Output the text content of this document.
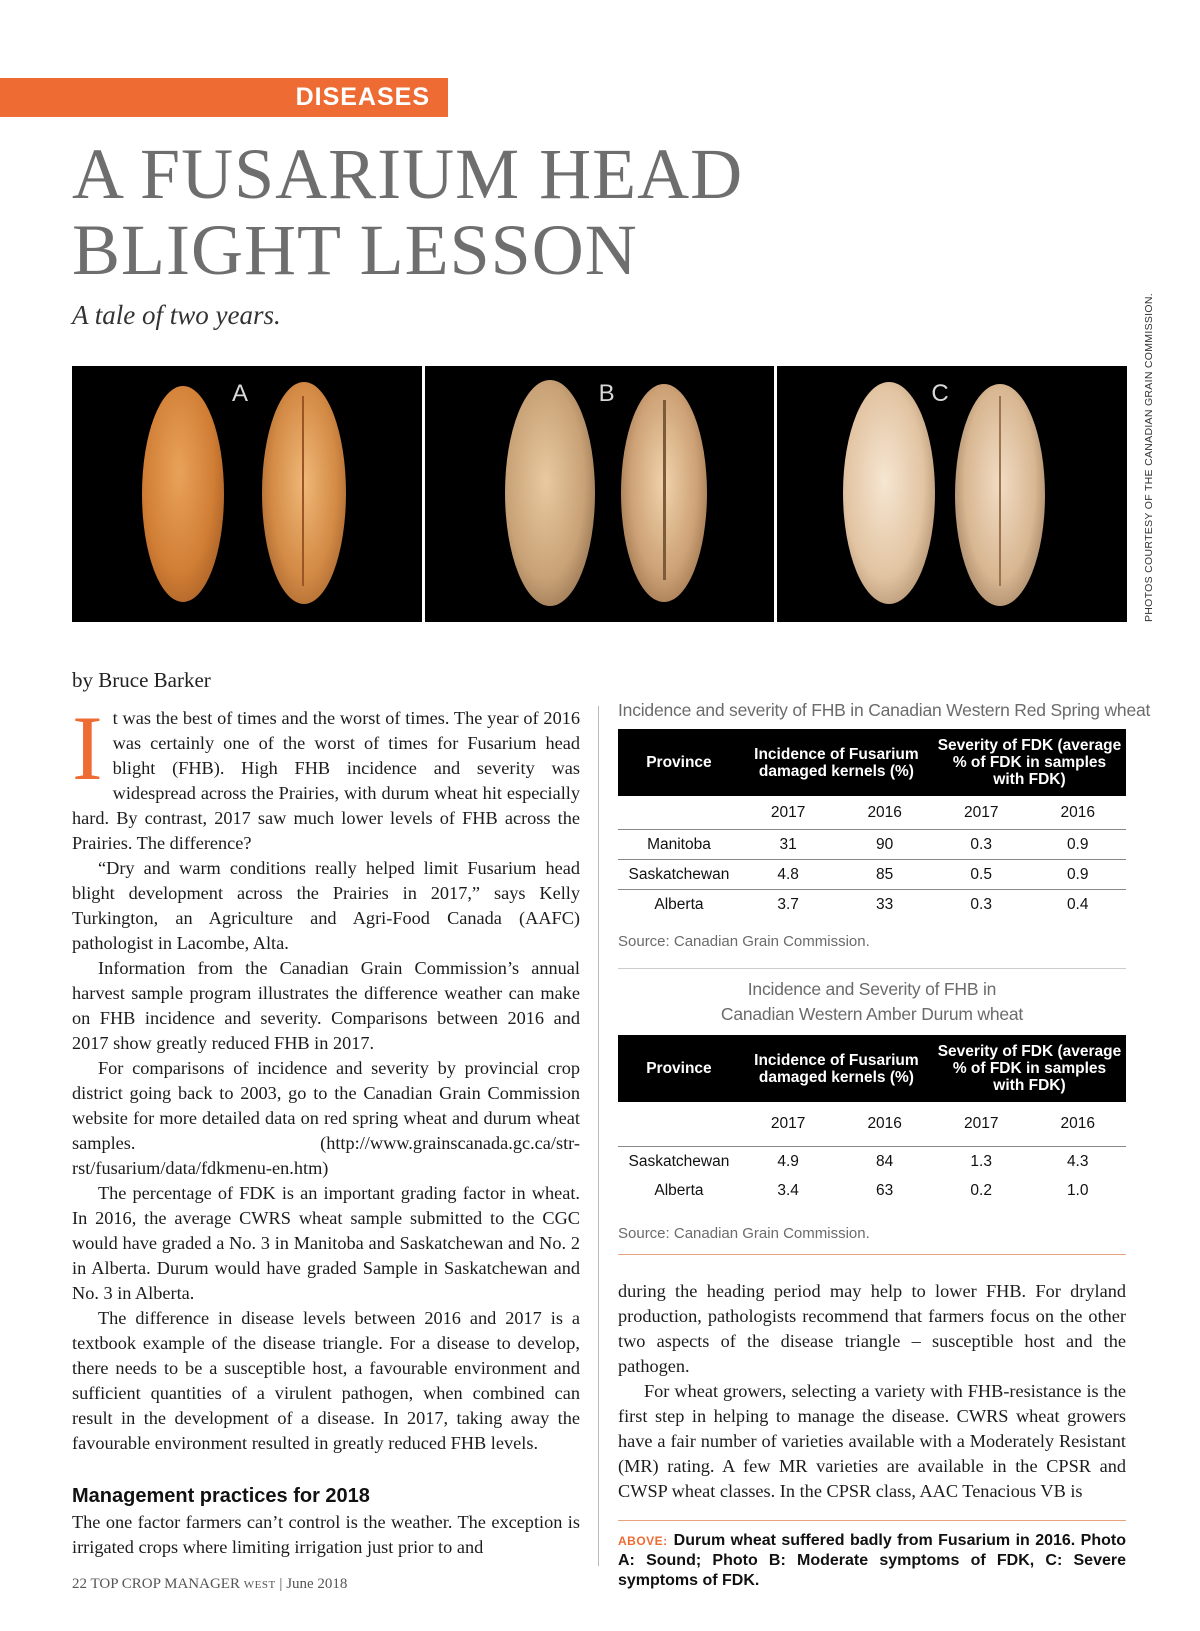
DISEASES
A FUSARIUM HEAD
BLIGHT LESSON

A tale of two years.

A	B	C	PHOTOS COURTESY OF THE CANADIAN GRAIN COMMISSION.
by Bruce Barker

It was the best of times and the worst of times. The year of 2016 was certainly one of the worst of times for Fusarium head blight (FHB). High FHB incidence and severity was widespread across the Prairies, with durum wheat hit especially hard. By contrast, 2017 saw much lower levels of FHB across the Prairies. The difference?

“Dry and warm conditions really helped limit Fusarium head blight development across the Prairies in 2017,” says Kelly Turkington, an Agriculture and Agri-Food Canada (AAFC) pathologist in Lacombe, Alta.

Information from the Canadian Grain Commission’s annual harvest sample program illustrates the difference weather can make on FHB incidence and severity. Comparisons between 2016 and 2017 show greatly reduced FHB in 2017.

For comparisons of incidence and severity by provincial crop district going back to 2003, go to the Canadian Grain Commission website for more detailed data on red spring wheat and durum wheat samples. (http://www.grainscanada.gc.ca/str-rst/fusarium/data/fdkmenu-en.htm)

The percentage of FDK is an important grading factor in wheat. In 2016, the average CWRS wheat sample submitted to the CGC would have graded a No. 3 in Manitoba and Saskatchewan and No. 2 in Alberta. Durum would have graded Sample in Saskatchewan and No. 3 in Alberta.

The difference in disease levels between 2016 and 2017 is a textbook example of the disease triangle. For a disease to develop, there needs to be a susceptible host, a favourable environment and sufficient quantities of a virulent pathogen, when combined can result in the development of a disease. In 2017, taking away the favourable environment resulted in greatly reduced FHB levels.

Management practices for 2018

The one factor farmers can’t control is the weather. The exception is irrigated crops where limiting irrigation just prior to and

Incidence and severity of FHB in Canadian Western Red Spring wheat
Province	Incidence of Fusarium damaged kernels (%)		Severity of FDK (average % of FDK in samples with FDK)	
	2017	2016	2017	2016
Manitoba	31	90	0.3	0.9
Saskatchewan	4.8	85	0.5	0.9
Alberta	3.7	33	0.3	0.4
Source: Canadian Grain Commission.
Incidence and Severity of FHB in
Canadian Western Amber Durum wheat
Province	Incidence of Fusarium damaged kernels (%)		Severity of FDK (average % of FDK in samples with FDK)	
	2017	2016	2017	2016
Saskatchewan	4.9	84	1.3	4.3
Alberta	3.4	63	0.2	1.0
Source: Canadian Grain Commission.

during the heading period may help to lower FHB. For dryland production, pathologists recommend that farmers focus on the other two aspects of the disease triangle – susceptible host and the pathogen.

For wheat growers, selecting a variety with FHB-resistance is the first step in helping to manage the disease. CWRS wheat growers have a fair number of varieties available with a Moderately Resistant (MR) rating. A few MR varieties are available in the CPSR and CWSP wheat classes. In the CPSR class, AAC Tenacious VB is

ABOVE: Durum wheat suffered badly from Fusarium in 2016. Photo A: Sound; Photo B: Moderate symptoms of FDK, C: Severe symptoms of FDK.
22 TOP CROP MANAGER WEST | June 2018
